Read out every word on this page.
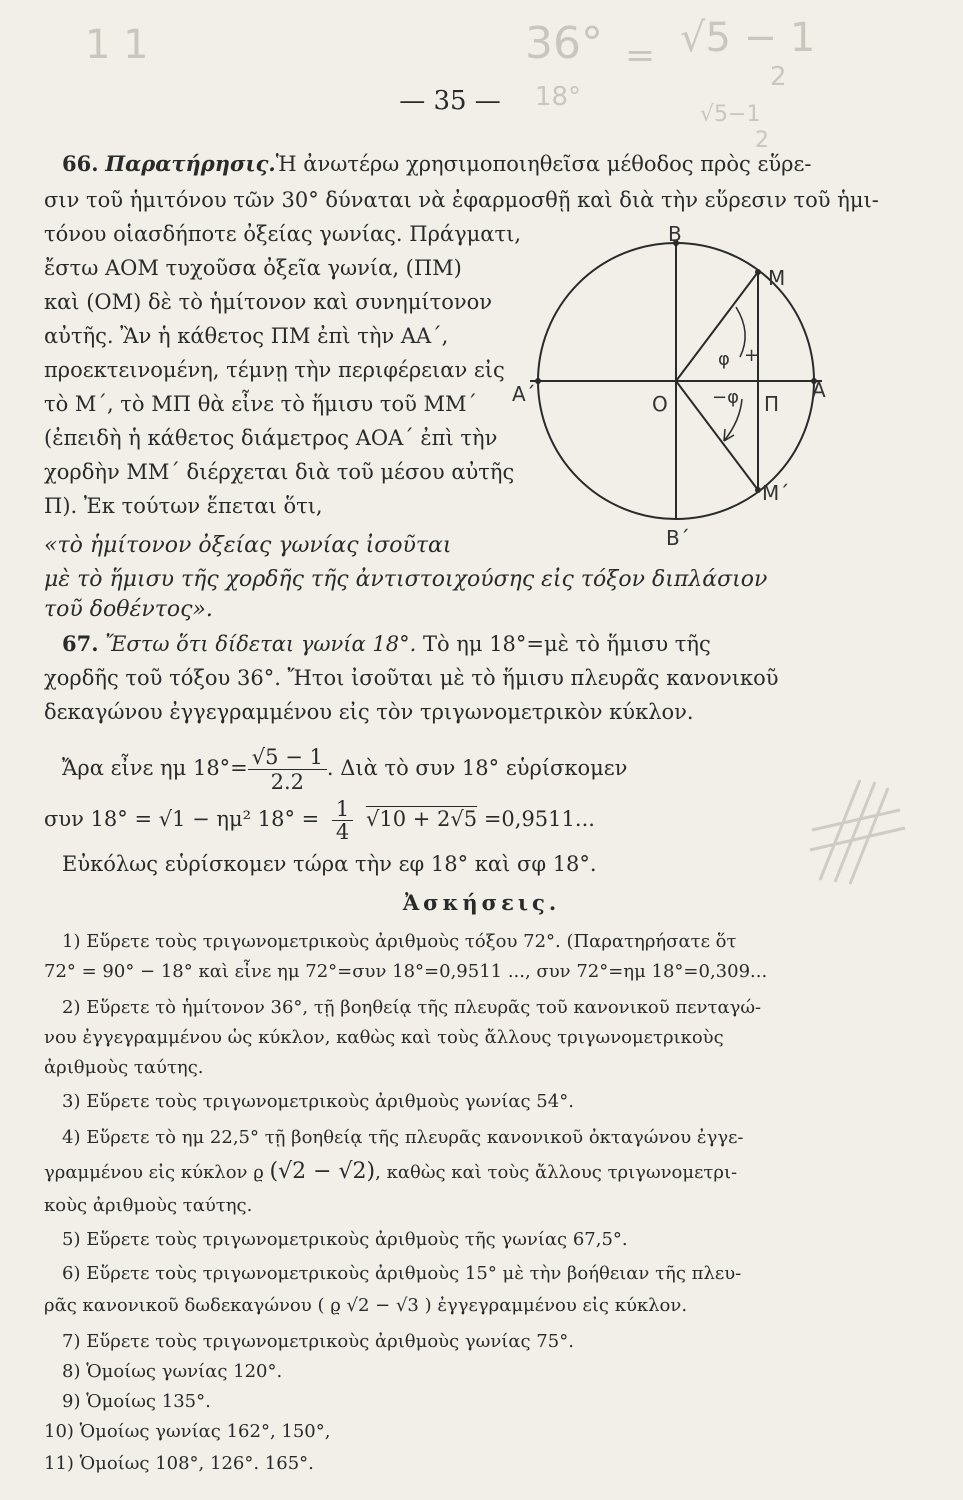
1 1	36° = √5 − 1
18°
2
√5−1
2
— 35 —
66. Παρατήρησις.Ἡ ἀνωτέρω χρησιμοποιηθεῖσα μέθοδος πρὸς εὕρε-
σιν τοῦ ἡμιτόνου τῶν 30° δύναται νὰ ἐφαρμοσθῇ καὶ διὰ τὴν εὕρεσιν τοῦ ἡμι-
τόνου οἱασδήποτε ὀξείας γωνίας. Πράγματι,
ἔστω ΑΟΜ τυχοῦσα ὀξεῖα γωνία, (ΠΜ)
καὶ (ΟΜ) δὲ τὸ ἡμίτονον καὶ συνημίτονον
αὐτῆς. Ἂν ἡ κάθετος ΠΜ ἐπὶ τὴν ΑΑ΄,
προεκτεινομένη, τέμνῃ τὴν περιφέρειαν εἰς
τὸ Μ΄, τὸ ΜΠ θὰ εἶνε τὸ ἥμισυ τοῦ ΜΜ΄
(ἐπειδὴ ἡ κάθετος διάμετρος ΑΟΑ΄ ἐπὶ τὴν
χορδὴν ΜΜ΄ διέρχεται διὰ τοῦ μέσου αὐτῆς
Π). Ἐκ τούτων ἕπεται ὅτι,
«τὸ ἡμίτονον ὀξείας γωνίας ἰσοῦται
μὲ τὸ ἥμισυ τῆς χορδῆς τῆς ἀντιστοιχούσης εἰς τόξον διπλάσιον
τοῦ δοθέντος».
Β
Β΄
Μ
Μ΄
Α
Α΄	Ο	Π
φ +
−φ
67. Ἔστω ὅτι δίδεται γωνία 18°. Τὸ ημ 18°=μὲ τὸ ἥμισυ τῆς
χορδῆς τοῦ τόξου 36°. Ἤτοι ἰσοῦται μὲ τὸ ἥμισυ πλευρᾶς κανονικοῦ
δεκαγώνου ἐγγεγραμμένου εἰς τὸν τριγωνομετρικὸν κύκλον.
Ἄρα εἶνε ημ $18^\circ= \frac{√5 - 1}{2.2}$ . Διὰ τὸ συν 18° εὑρίσκομεν
συν 18° = √1 − ημ² $18^\circ = \frac{1}{4} √10 + 2√5 =0,9511$...
Εὐκόλως εὑρίσκομεν τώρα τὴν εφ 18° καὶ σφ 18°.
Ἀσκήσεις.
1) Εὕρετε τοὺς τριγωνομετρικοὺς ἀριθμοὺς τόξου 72°. (Παρατηρήσατε ὅτ
72° = 90° − 18° καὶ εἶνε ημ 72°=συν 18°=0,9511 ..., συν 72°=ημ 18°=0,309...
2) Εὕρετε τὸ ἡμίτονον 36°, τῇ βοηθείᾳ τῆς πλευρᾶς τοῦ κανονικοῦ πενταγώ-
νου ἐγγεγραμμένου ὡς κύκλον, καθὼς καὶ τοὺς ἄλλους τριγωνομετρικοὺς
ἀριθμοὺς ταύτης.
3) Εὕρετε τοὺς τριγωνομετρικοὺς ἀριθμοὺς γωνίας 54°.
4) Εὕρετε τὸ ημ 22,5° τῇ βοηθείᾳ τῆς πλευρᾶς κανονικοῦ ὀκταγώνου ἐγγε-
γραμμένου εἰς κύκλον ϱ (√2 − √2), καθὼς καὶ τοὺς ἄλλους τριγωνομετρι-
κοὺς ἀριθμοὺς ταύτης.
5) Εὕρετε τοὺς τριγωνομετρικοὺς ἀριθμοὺς τῆς γωνίας 67,5°.
6) Εὕρετε τοὺς τριγωνομετρικοὺς ἀριθμοὺς 15° μὲ τὴν βοήθειαν τῆς πλευ-
ρᾶς κανονικοῦ δωδεκαγώνου ( ϱ √2 − √3 ) ἐγγεγραμμένου εἰς κύκλον.
7) Εὕρετε τοὺς τριγωνομετρικοὺς ἀριθμοὺς γωνίας 75°.
8) Ὁμοίως γωνίας 120°.
9) Ὁμοίως 135°.
10) Ὁμοίως γωνίας 162°, 150°,
11) Ὁμοίως 108°, 126°. 165°.
